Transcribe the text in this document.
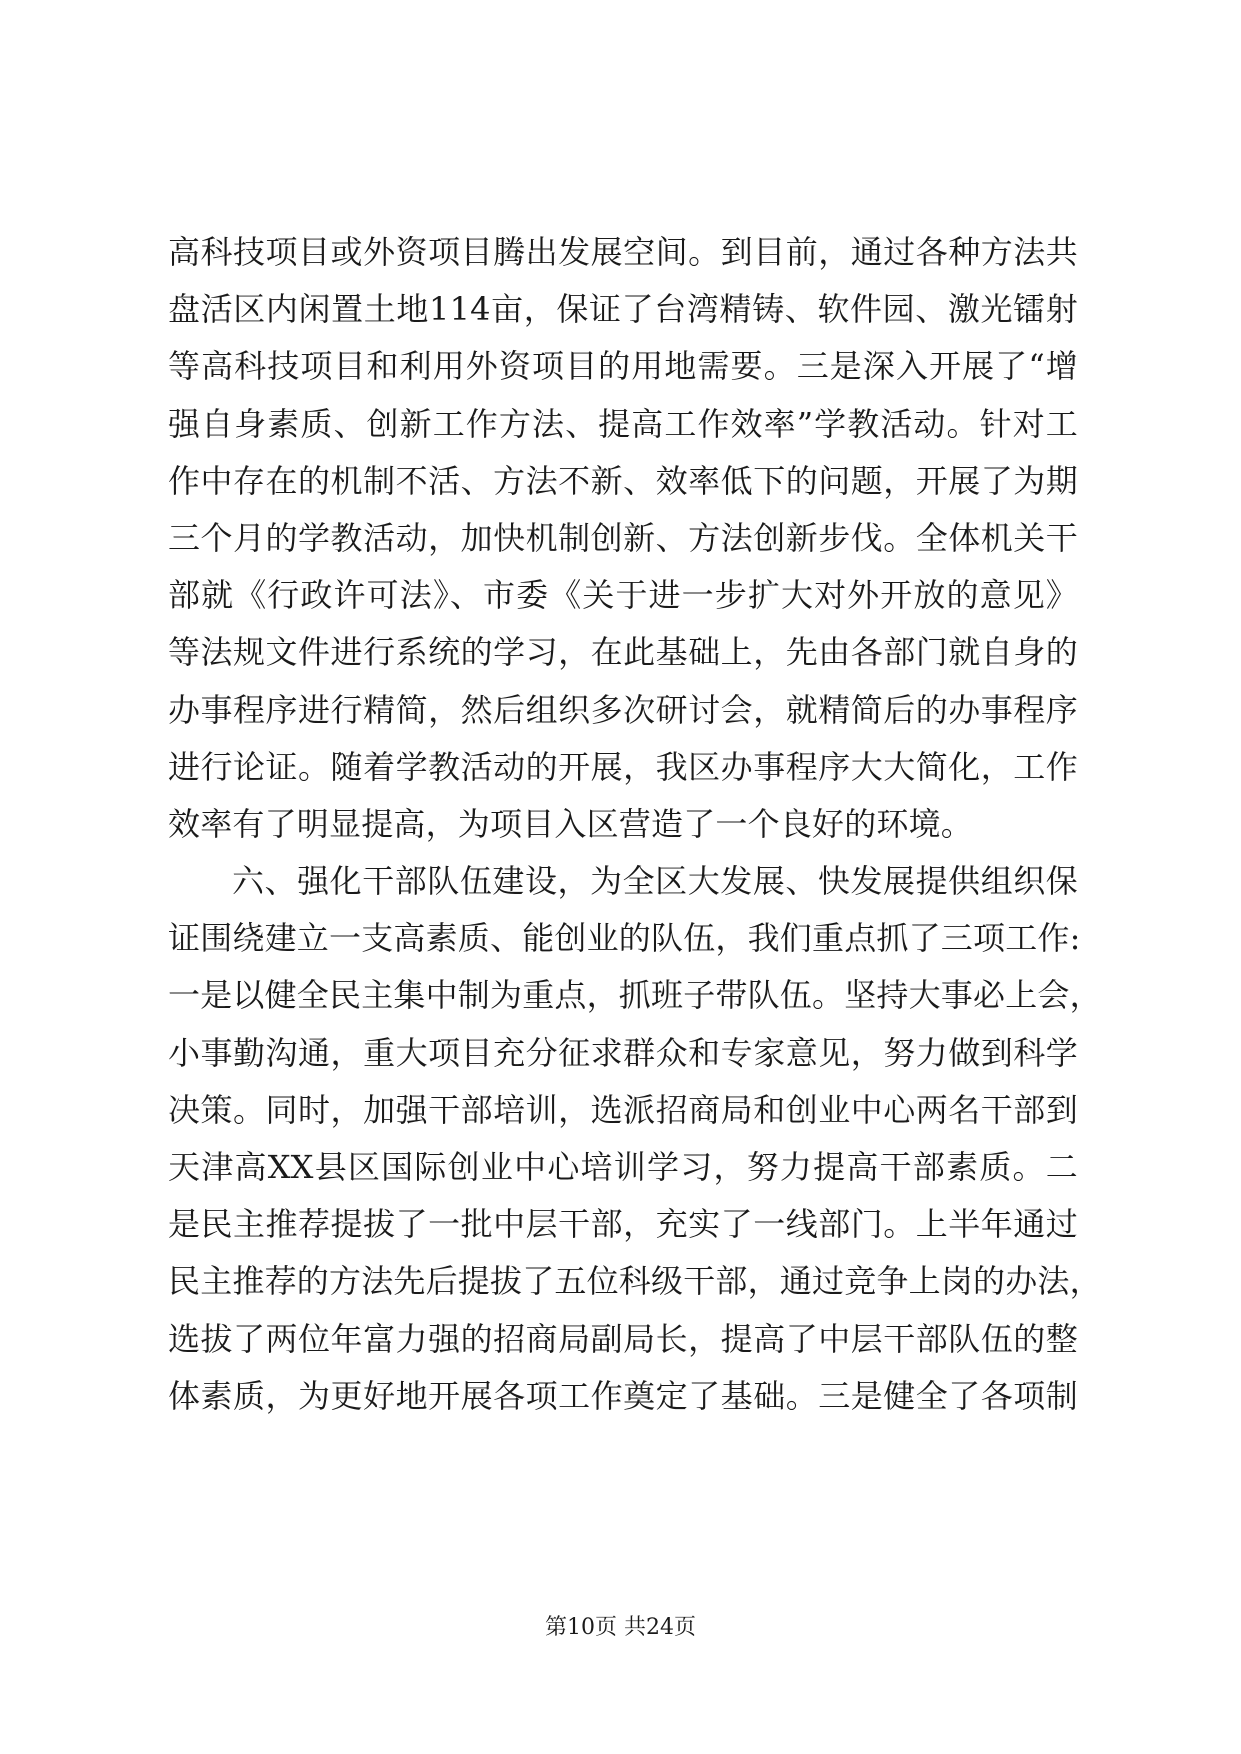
高科技项目或外资项目腾出发展空间。到目前，通过各种方法共
盘活区内闲置土地114亩，保证了台湾精铸、软件园、激光镭射
等高科技项目和利用外资项目的用地需要。三是深入开展了“增
强自身素质、创新工作方法、提高工作效率”学教活动。针对工
作中存在的机制不活、方法不新、效率低下的问题，开展了为期
三个月的学教活动，加快机制创新、方法创新步伐。全体机关干
部就《行政许可法》、市委《关于进一步扩大对外开放的意见》
等法规文件进行系统的学习，在此基础上，先由各部门就自身的
办事程序进行精简，然后组织多次研讨会，就精简后的办事程序
进行论证。随着学教活动的开展，我区办事程序大大简化，工作
效率有了明显提高，为项目入区营造了一个良好的环境。
六、强化干部队伍建设，为全区大发展、快发展提供组织保
证围绕建立一支高素质、能创业的队伍，我们重点抓了三项工作:
一是以健全民主集中制为重点，抓班子带队伍。坚持大事必上会，
小事勤沟通，重大项目充分征求群众和专家意见，努力做到科学
决策。同时，加强干部培训，选派招商局和创业中心两名干部到
天津高XX县区国际创业中心培训学习，努力提高干部素质。二
是民主推荐提拔了一批中层干部，充实了一线部门。上半年通过
民主推荐的方法先后提拔了五位科级干部，通过竞争上岗的办法，
选拔了两位年富力强的招商局副局长，提高了中层干部队伍的整
体素质，为更好地开展各项工作奠定了基础。三是健全了各项制
第10页 共24页
